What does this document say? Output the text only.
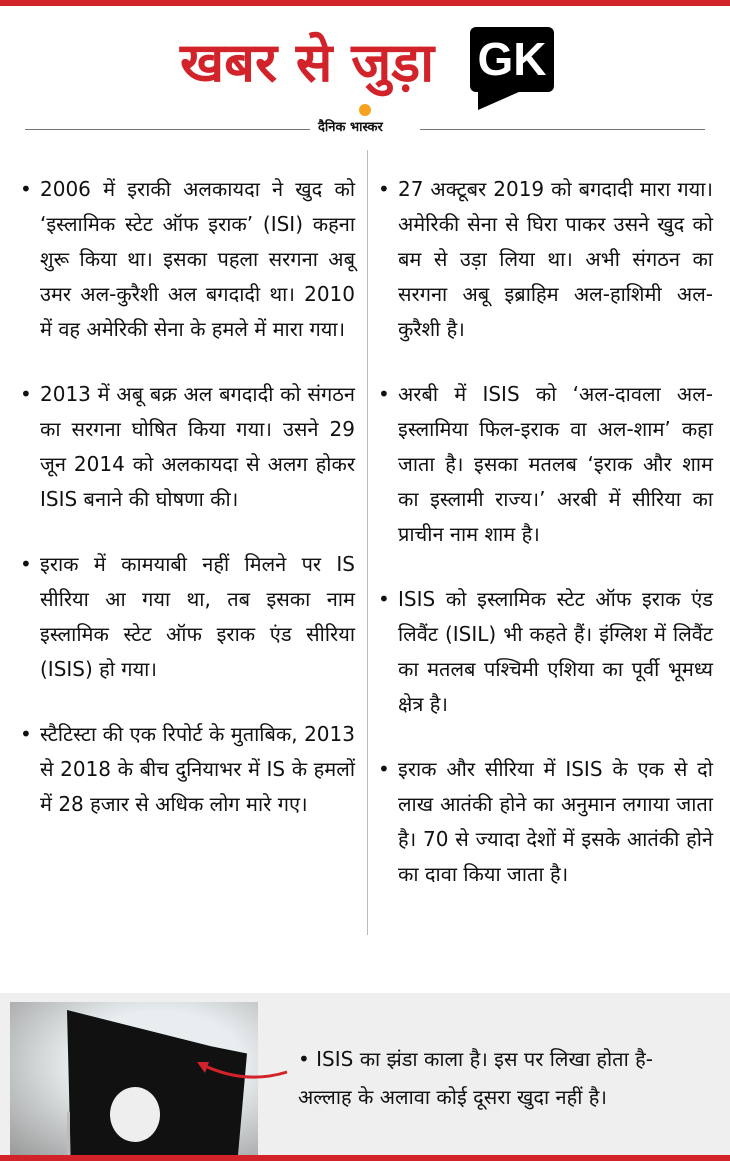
खबर से जुड़ा GK
दैनिक भास्कर

• 2006 में इराकी अलकायदा ने खुद को ‘इस्लामिक स्टेट ऑफ इराक’ (ISI) कहना शुरू किया था। इसका पहला सरगना अबू उमर अल-कुरैशी अल बगदादी था। 2010 में वह अमेरिकी सेना के हमले में मारा गया।

• 2013 में अबू बक्र अल बगदादी को संगठन का सरगना घोषित किया गया। उसने 29 जून 2014 को अलकायदा से अलग होकर ISIS बनाने की घोषणा की।

• इराक में कामयाबी नहीं मिलने पर IS सीरिया आ गया था, तब इसका नाम इस्लामिक स्टेट ऑफ इराक एंड सीरिया (ISIS) हो गया।

• स्टैटिस्टा की एक रिपोर्ट के मुताबिक, 2013 से 2018 के बीच दुनियाभर में IS के हमलों में 28 हजार से अधिक लोग मारे गए।

• 27 अक्टूबर 2019 को बगदादी मारा गया। अमेरिकी सेना से घिरा पाकर उसने खुद को बम से उड़ा लिया था। अभी संगठन का सरगना अबू इब्राहिम अल-हाशिमी अल-कुरैशी है।

• अरबी में ISIS को ‘अल-दावला अल-इस्लामिया फिल-इराक वा अल-शाम’ कहा जाता है। इसका मतलब ‘इराक और शाम का इस्लामी राज्य।’ अरबी में सीरिया का प्राचीन नाम शाम है।

• ISIS को इस्लामिक स्टेट ऑफ इराक एंड लिवैंट (ISIL) भी कहते हैं। इंग्लिश में लिवैंट का मतलब पश्चिमी एशिया का पूर्वी भूमध्य क्षेत्र है।

• इराक और सीरिया में ISIS के एक से दो लाख आतंकी होने का अनुमान लगाया जाता है। 70 से ज्यादा देशों में इसके आतंकी होने का दावा किया जाता है।

• ISIS का झंडा काला है। इस पर लिखा होता है-
अल्लाह के अलावा कोई दूसरा खुदा नहीं है।
